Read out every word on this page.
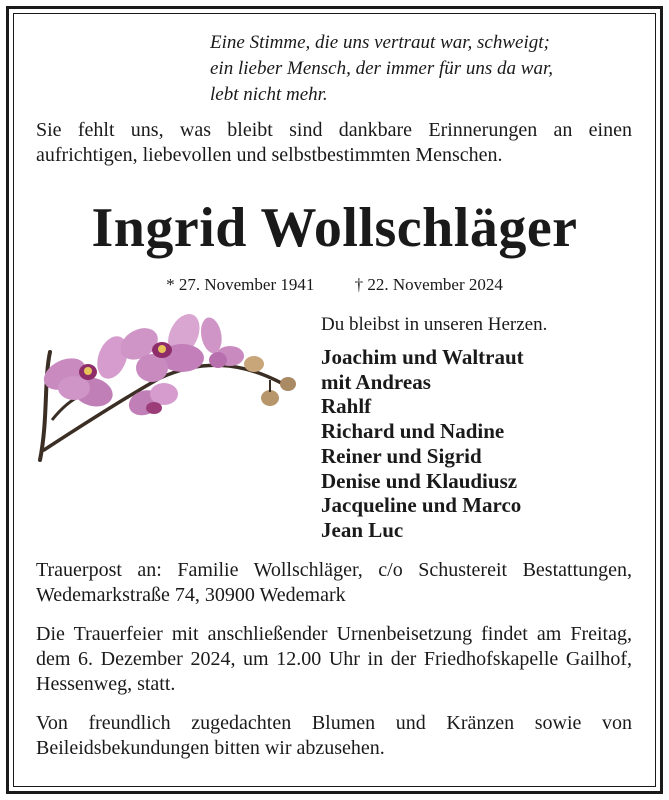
Eine Stimme, die uns vertraut war, schweigt;
ein lieber Mensch, der immer für uns da war,
lebt nicht mehr.
Sie fehlt uns, was bleibt sind dankbare Erinnerungen an einen aufrichtigen, liebevollen und selbstbestimmten Menschen.
Ingrid Wollschläger
* 27. November 1941 † 22. November 2024
Du bleibst in unseren Herzen.
Joachim und Waltraut
mit Andreas
Rahlf
Richard und Nadine
Reiner und Sigrid
Denise und Klaudiusz
Jacqueline und Marco
Jean Luc
Trauerpost an: Familie Wollschläger, c/o Schustereit Bestattungen, Wedemarkstraße 74, 30900 Wedemark
Die Trauerfeier mit anschließender Urnenbeisetzung findet am Freitag, dem 6. Dezember 2024, um 12.00 Uhr in der Friedhofskapelle Gailhof, Hessenweg, statt.
Von freundlich zugedachten Blumen und Kränzen sowie von Beileidsbekundungen bitten wir abzusehen.
